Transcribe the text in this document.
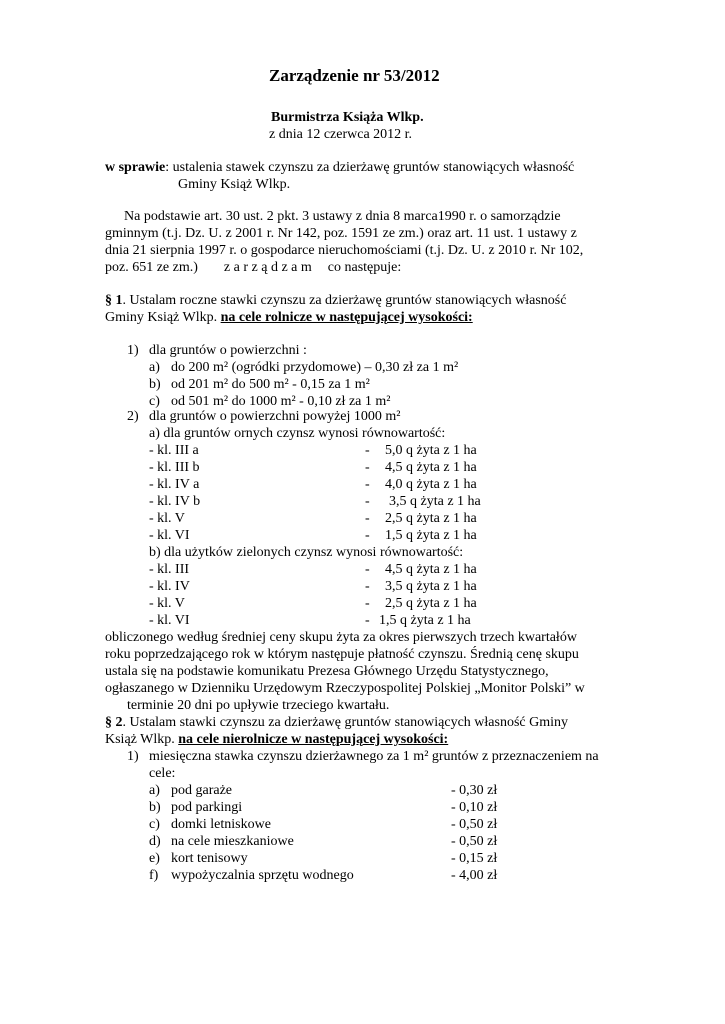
Zarządzenie nr 53/2012
Burmistrza Książa Wlkp.
z dnia 12 czerwca 2012 r.
w sprawie: ustalenia stawek czynszu za dzierżawę gruntów stanowiących własność
Gminy Książ Wlkp.
Na podstawie art. 30 ust. 2 pkt. 3 ustawy z dnia 8 marca1990 r. o samorządzie
gminnym (t.j. Dz. U. z 2001 r. Nr 142, poz. 1591 ze zm.) oraz art. 11 ust. 1 ustawy z
dnia 21 sierpnia 1997 r. o gospodarce nieruchomościami (t.j. Dz. U. z 2010 r. Nr 102,
poz. 651 ze zm.) z a r z ą d z a m co następuje:
§ 1. Ustalam roczne stawki czynszu za dzierżawę gruntów stanowiących własność
Gminy Książ Wlkp. na cele rolnicze w następującej wysokości:
1) dla gruntów o powierzchni :
a) do 200 m² (ogródki przydomowe) – 0,30 zł za 1 m²
b) od 201 m² do 500 m² - 0,15 za 1 m²
c) od 501 m² do 1000 m² - 0,10 zł za 1 m²
2) dla gruntów o powierzchni powyżej 1000 m²
a) dla gruntów ornych czynsz wynosi równowartość:
- kl. III a	- 5,0 q żyta z 1 ha
- kl. III b	- 4,5 q żyta z 1 ha
- kl. IV a	- 4,0 q żyta z 1 ha
- kl. IV b	- 3,5 q żyta z 1 ha
- kl. V	- 2,5 q żyta z 1 ha
- kl. VI	- 1,5 q żyta z 1 ha
b) dla użytków zielonych czynsz wynosi równowartość:
- kl. III	- 4,5 q żyta z 1 ha
- kl. IV	- 3,5 q żyta z 1 ha
- kl. V	- 2,5 q żyta z 1 ha
- kl. VI	- 1,5 q żyta z 1 ha
obliczonego według średniej ceny skupu żyta za okres pierwszych trzech kwartałów
roku poprzedzającego rok w którym następuje płatność czynszu. Średnią cenę skupu
ustala się na podstawie komunikatu Prezesa Głównego Urzędu Statystycznego,
ogłaszanego w Dzienniku Urzędowym Rzeczypospolitej Polskiej „Monitor Polski” w
terminie 20 dni po upływie trzeciego kwartału.
§ 2. Ustalam stawki czynszu za dzierżawę gruntów stanowiących własność Gminy
Książ Wlkp. na cele nierolnicze w następującej wysokości:
1) miesięczna stawka czynszu dzierżawnego za 1 m² gruntów z przeznaczeniem na
cele:
a) pod garaże	- 0,30 zł
b) pod parkingi	- 0,10 zł
c) domki letniskowe	- 0,50 zł
d) na cele mieszkaniowe	- 0,50 zł
e) kort tenisowy	- 0,15 zł
f) wypożyczalnia sprzętu wodnego	- 4,00 zł
